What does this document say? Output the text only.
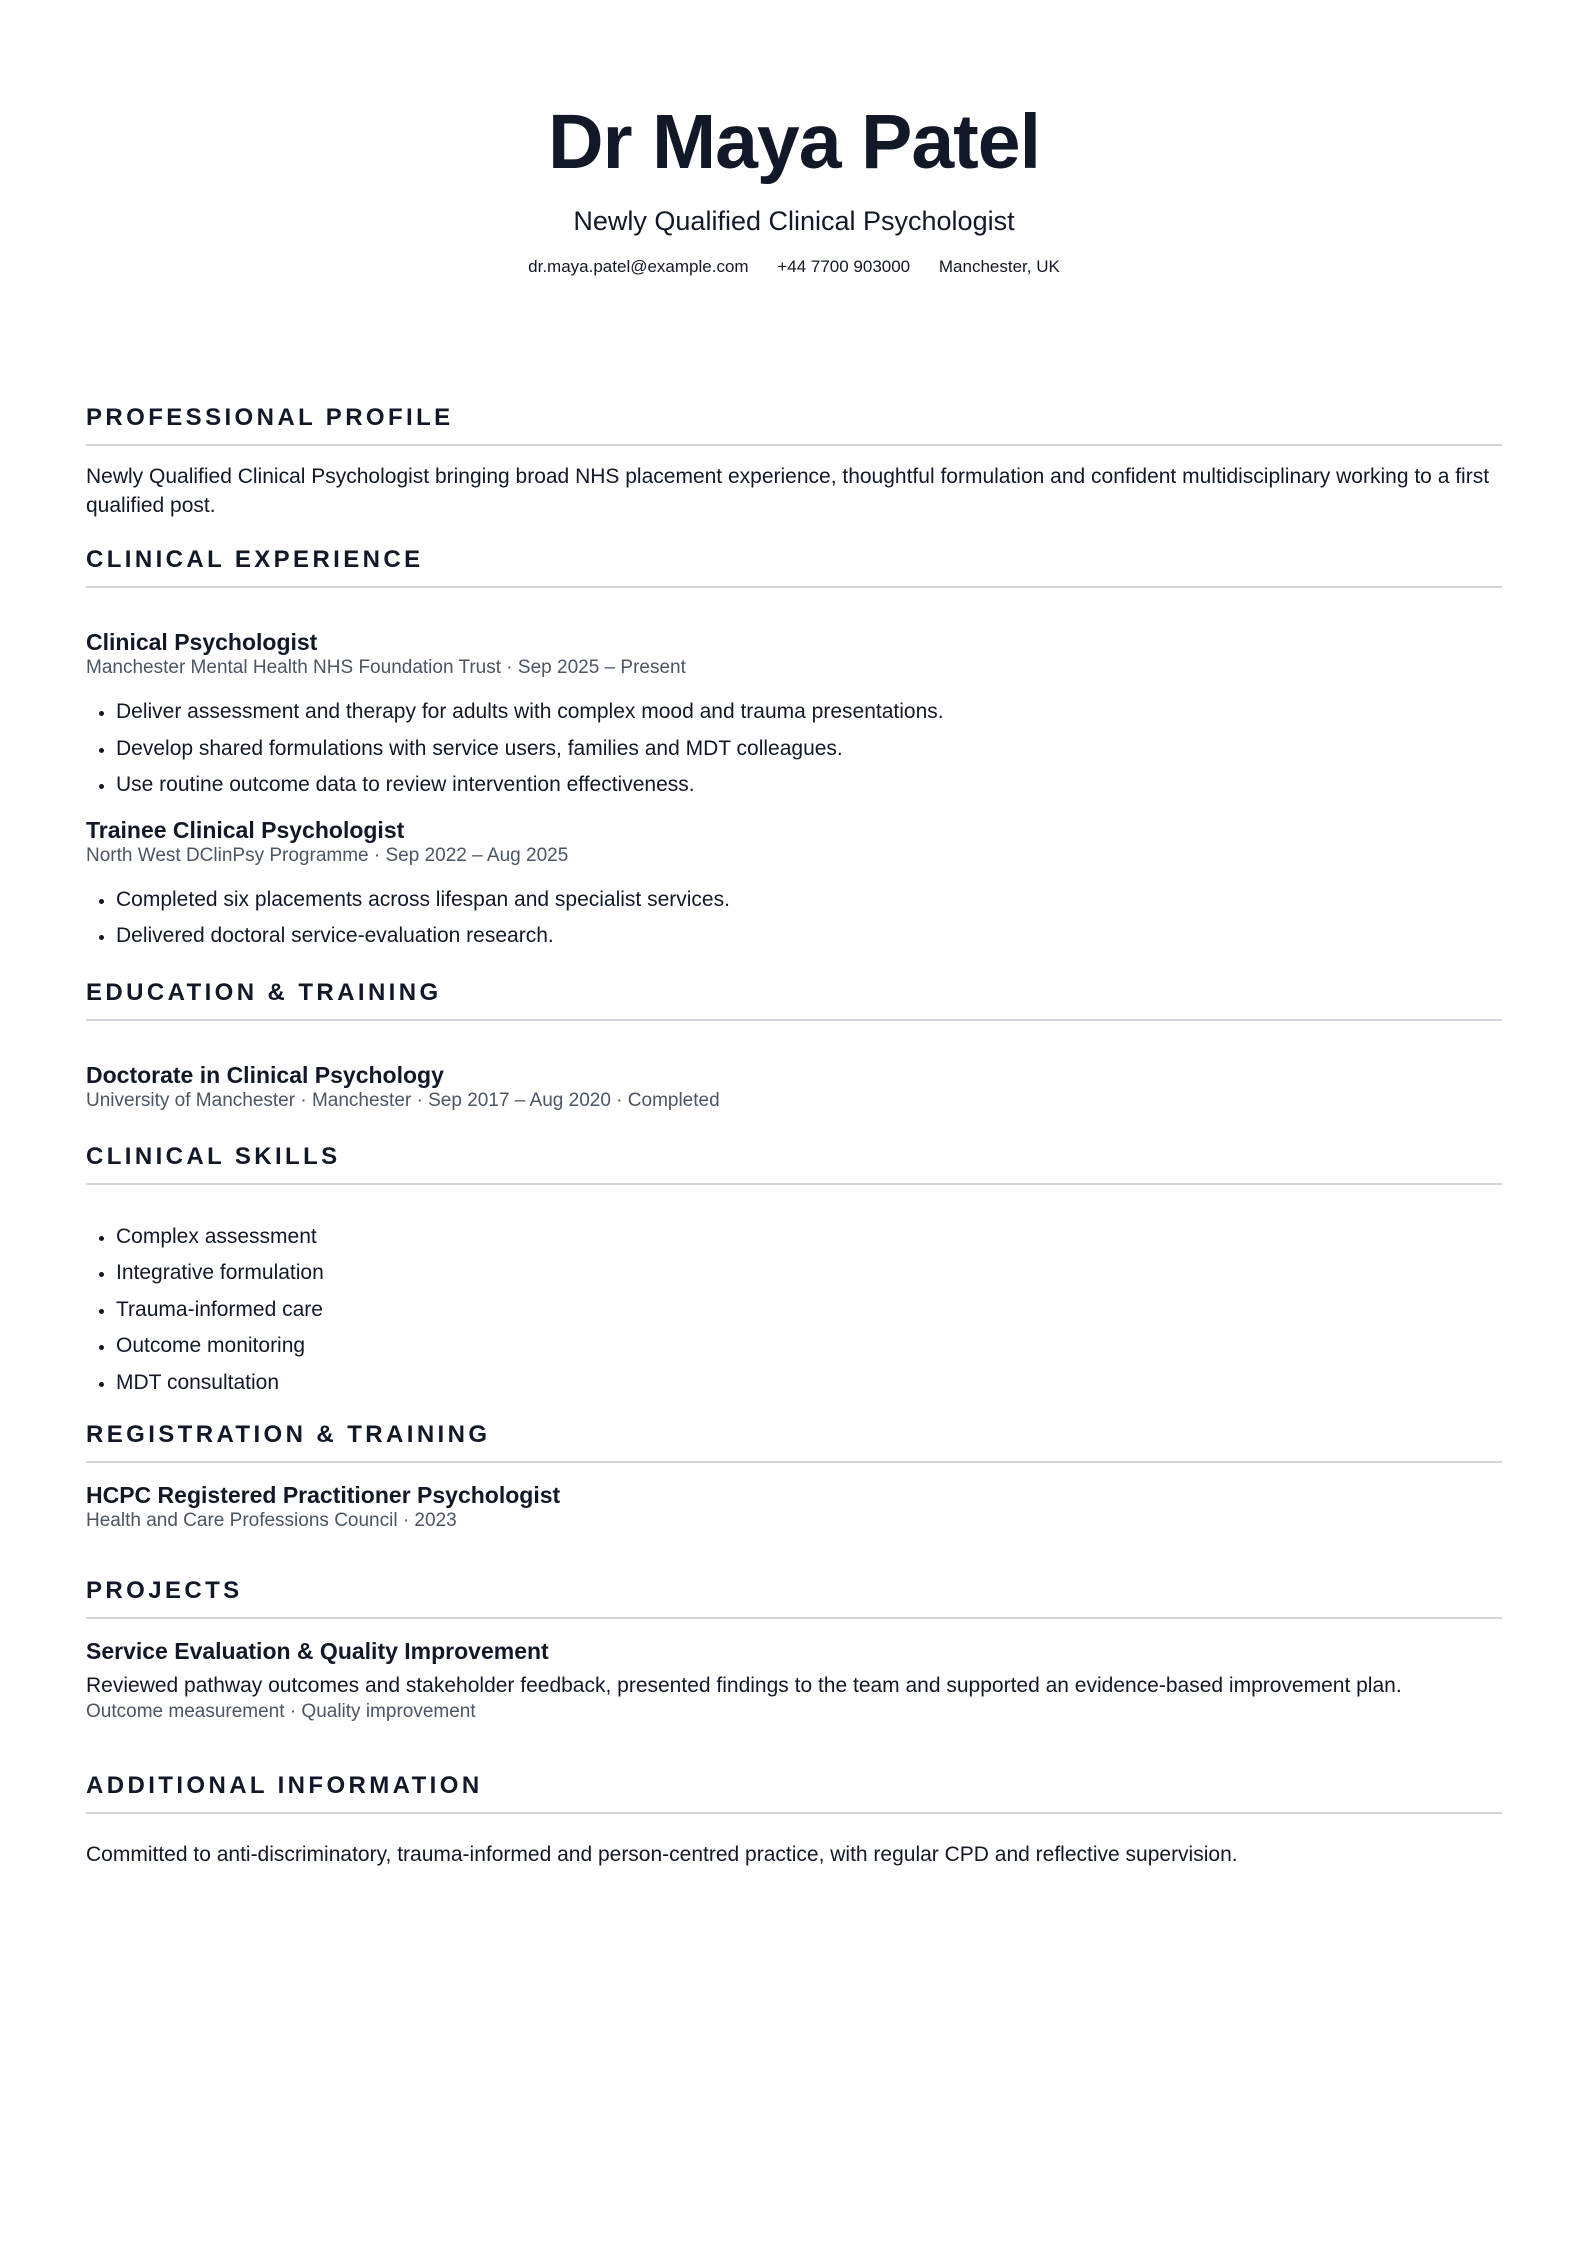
Dr Maya Patel
Newly Qualified Clinical Psychologist
dr.maya.patel@example.com +44 7700 903000 Manchester, UK
PROFESSIONAL PROFILE
Newly Qualified Clinical Psychologist bringing broad NHS placement experience, thoughtful formulation and confident multidisciplinary working to a first qualified post.
CLINICAL EXPERIENCE
Clinical Psychologist
Manchester Mental Health NHS Foundation Trust · Sep 2025 – Present
• Deliver assessment and therapy for adults with complex mood and trauma presentations.
• Develop shared formulations with service users, families and MDT colleagues.
• Use routine outcome data to review intervention effectiveness.
Trainee Clinical Psychologist
North West DClinPsy Programme · Sep 2022 – Aug 2025
• Completed six placements across lifespan and specialist services.
• Delivered doctoral service-evaluation research.
EDUCATION & TRAINING
Doctorate in Clinical Psychology
University of Manchester · Manchester · Sep 2017 – Aug 2020 · Completed
CLINICAL SKILLS
• Complex assessment
• Integrative formulation
• Trauma-informed care
• Outcome monitoring
• MDT consultation
REGISTRATION & TRAINING
HCPC Registered Practitioner Psychologist
Health and Care Professions Council · 2023
PROJECTS
Service Evaluation & Quality Improvement
Reviewed pathway outcomes and stakeholder feedback, presented findings to the team and supported an evidence-based improvement plan.
Outcome measurement · Quality improvement
ADDITIONAL INFORMATION
Committed to anti-discriminatory, trauma-informed and person-centred practice, with regular CPD and reflective supervision.
